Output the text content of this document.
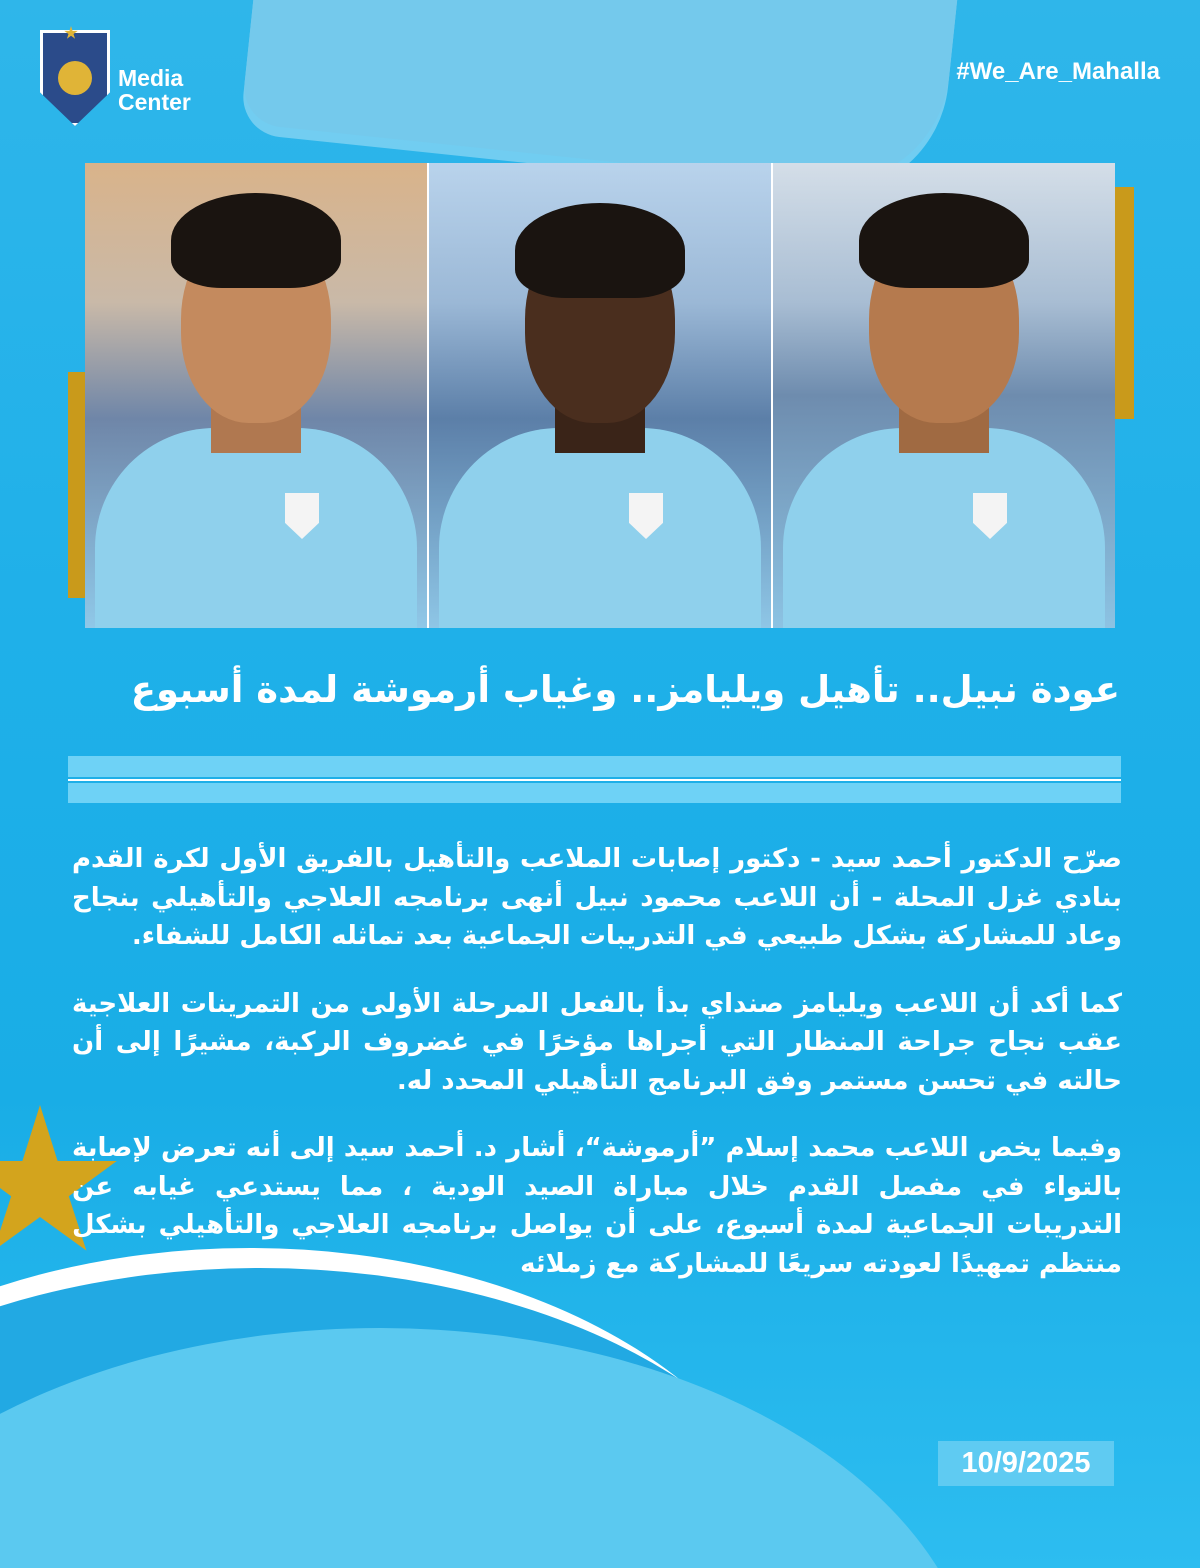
Media
Center
#We_Are_Mahalla
عودة نبيل.. تأهيل ويليامز.. وغياب أرموشة لمدة أسبوع

صرّح الدكتور أحمد سيد - دكتور إصابات الملاعب والتأهيل بالفريق الأول لكرة القدم بنادي غزل المحلة - أن اللاعب محمود نبيل أنهى برنامجه العلاجي والتأهيلي بنجاح وعاد للمشاركة بشكل طبيعي في التدريبات الجماعية بعد تماثله الكامل للشفاء.

كما أكد أن اللاعب ويليامز صنداي بدأ بالفعل المرحلة الأولى من التمرينات العلاجية عقب نجاح جراحة المنظار التي أجراها مؤخرًا في غضروف الركبة، مشيرًا إلى أن حالته في تحسن مستمر وفق البرنامج التأهيلي المحدد له.

وفيما يخص اللاعب محمد إسلام ”أرموشة“، أشار د. أحمد سيد إلى أنه تعرض لإصابة بالتواء في مفصل القدم خلال مباراة الصيد الودية ، مما يستدعي غيابه عن التدريبات الجماعية لمدة أسبوع، على أن يواصل برنامجه العلاجي والتأهيلي بشكل منتظم تمهيدًا لعودته سريعًا للمشاركة مع زملائه

10/9/2025
